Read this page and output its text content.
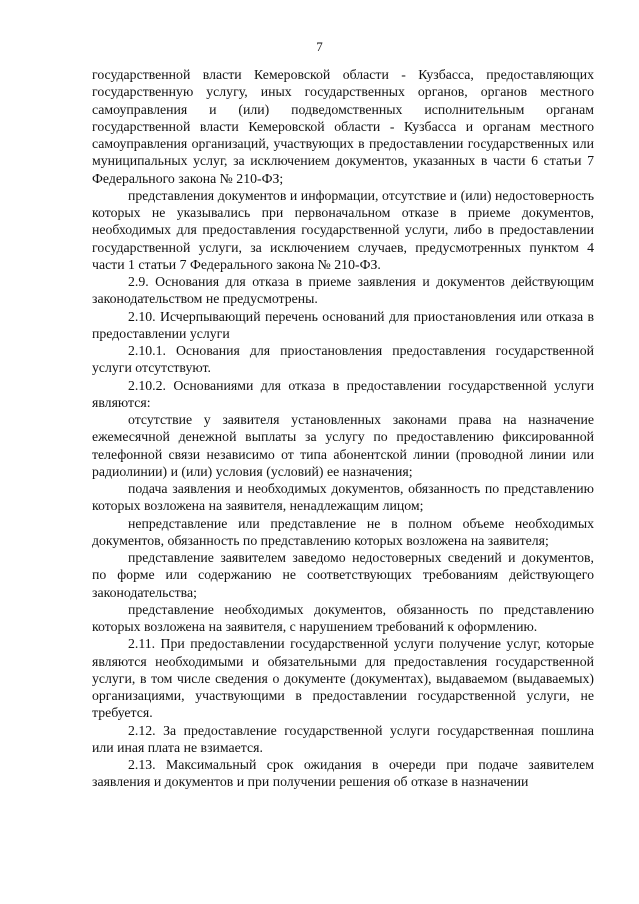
7

государственной власти Кемеровской области - Кузбасса, предоставляющих государственную услугу, иных государственных органов, органов местного самоуправления и (или) подведомственных исполнительным органам государственной власти Кемеровской области - Кузбасса и органам местного самоуправления организаций, участвующих в предоставлении государственных или муниципальных услуг, за исключением документов, указанных в части 6 статьи 7 Федерального закона № 210-ФЗ;

представления документов и информации, отсутствие и (или) недостоверность которых не указывались при первоначальном отказе в приеме документов, необходимых для предоставления государственной услуги, либо в предоставлении государственной услуги, за исключением случаев, предусмотренных пунктом 4 части 1 статьи 7 Федерального закона № 210-ФЗ.

2.9. Основания для отказа в приеме заявления и документов действующим законодательством не предусмотрены.

2.10. Исчерпывающий перечень оснований для приостановления или отказа в предоставлении услуги

2.10.1. Основания для приостановления предоставления государственной услуги отсутствуют.

2.10.2. Основаниями для отказа в предоставлении государственной услуги являются:

отсутствие у заявителя установленных законами права на назначение ежемесячной денежной выплаты за услугу по предоставлению фиксированной телефонной связи независимо от типа абонентской линии (проводной линии или радиолинии) и (или) условия (условий) ее назначения;

подача заявления и необходимых документов, обязанность по представлению которых возложена на заявителя, ненадлежащим лицом;

непредставление или представление не в полном объеме необходимых документов, обязанность по представлению которых возложена на заявителя;

представление заявителем заведомо недостоверных сведений и документов, по форме или содержанию не соответствующих требованиям действующего законодательства;

представление необходимых документов, обязанность по представлению которых возложена на заявителя, с нарушением требований к оформлению.

2.11. При предоставлении государственной услуги получение услуг, которые являются необходимыми и обязательными для предоставления государственной услуги, в том числе сведения о документе (документах), выдаваемом (выдаваемых) организациями, участвующими в предоставлении государственной услуги, не требуется.

2.12. За предоставление государственной услуги государственная пошлина или иная плата не взимается.

2.13. Максимальный срок ожидания в очереди при подаче заявителем заявления и документов и при получении решения об отказе в назначении
